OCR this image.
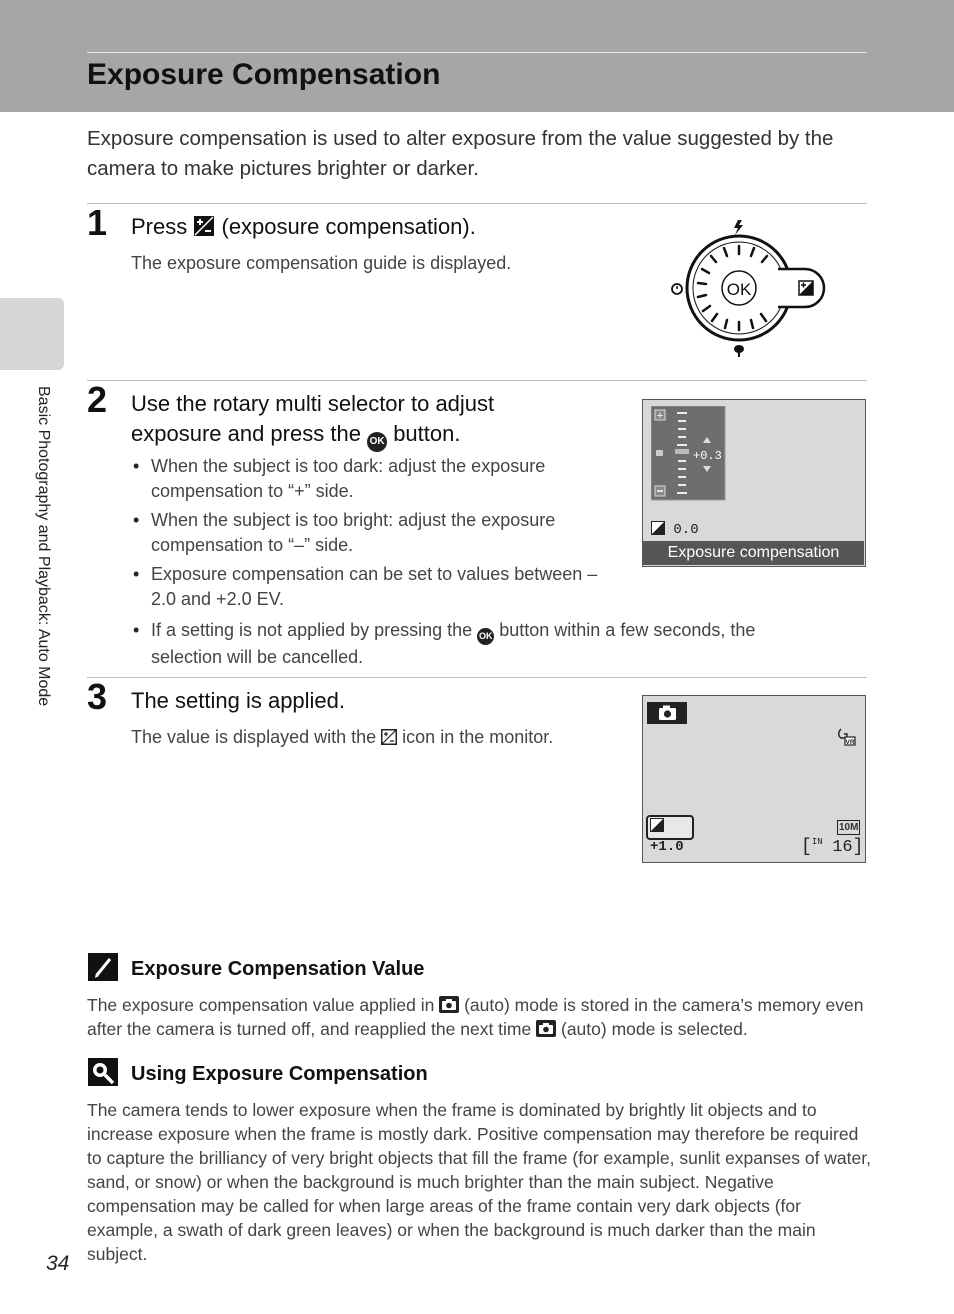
Exposure Compensation
Basic Photography and Playback: Auto Mode
Exposure compensation is used to alter exposure from the value suggested by the camera to make pictures brighter or darker.
1 Press (exposure compensation).
The exposure compensation guide is displayed.
OK
2 Use the rotary multi selector to adjust
exposure and press the OK button.
• When the subject is too dark: adjust the exposure compensation to “+” side.
• When the subject is too bright: adjust the exposure compensation to “–” side.
• Exposure compensation can be set to values between –2.0 and +2.0 EV.
• If a setting is not applied by pressing the OK button within a few seconds, the selection will be cancelled.
+
+0.3
0.0
Exposure compensation
3 The setting is applied.
The value is displayed with the icon in the monitor.	VR
+1.0
10M
[$^{IN}$ 16]
Exposure Compensation Value
The exposure compensation value applied in (auto) mode is stored in the camera’s memory even after the camera is turned off, and reapplied the next time (auto) mode is selected.
Using Exposure Compensation
The camera tends to lower exposure when the frame is dominated by brightly lit objects and to increase exposure when the frame is mostly dark. Positive compensation may therefore be required to capture the brilliancy of very bright objects that fill the frame (for example, sunlit expanses of water, sand, or snow) or when the background is much brighter than the main subject. Negative compensation may be called for when large areas of the frame contain very dark objects (for example, a swath of dark green leaves) or when the background is much darker than the main subject.
34
